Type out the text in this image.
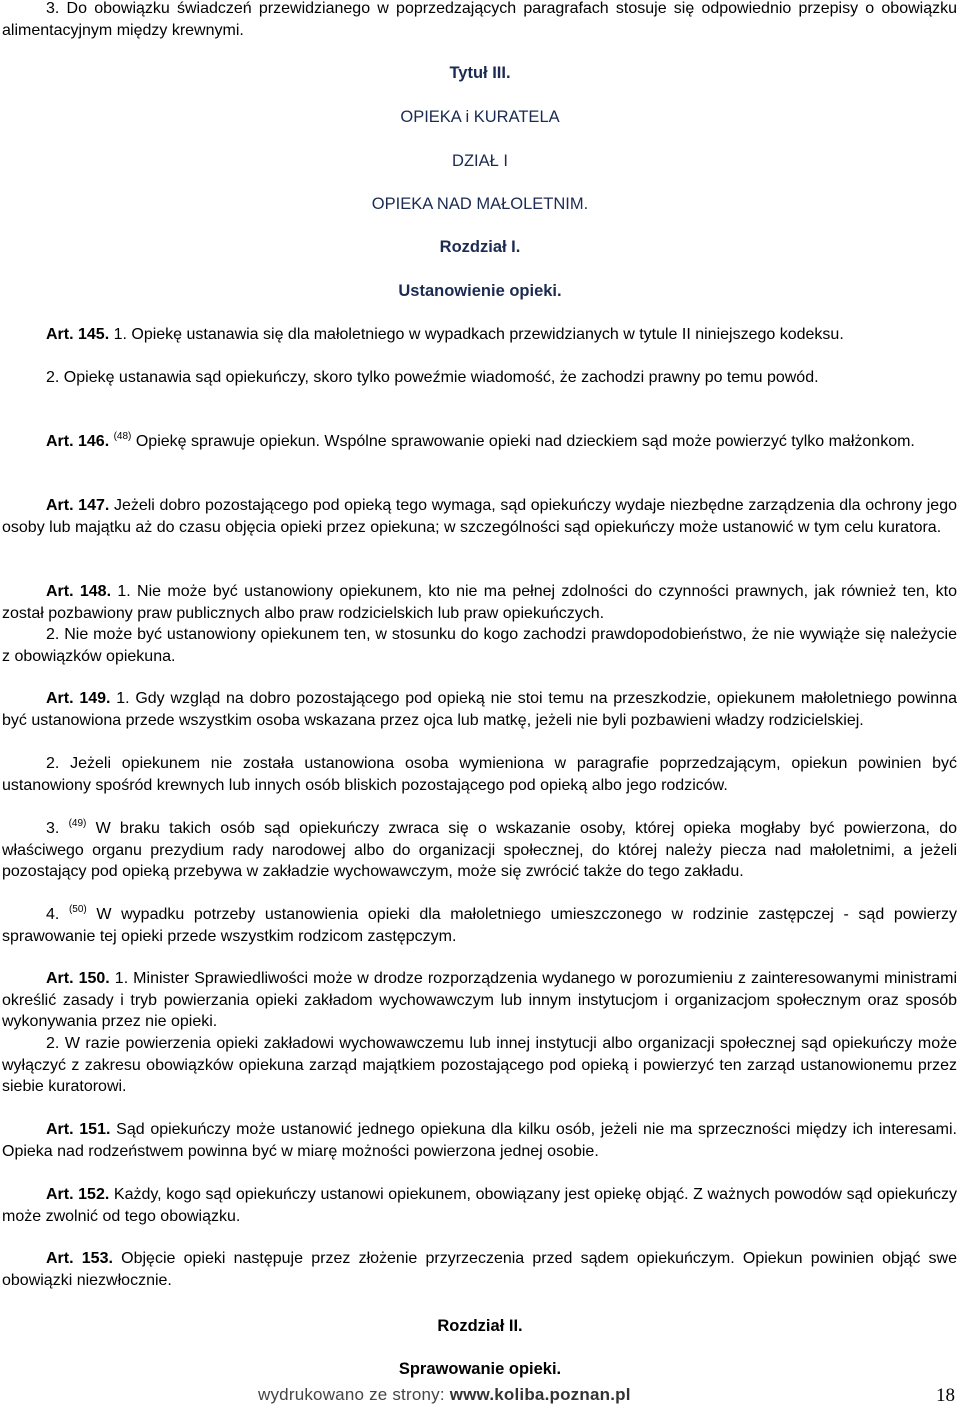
3. Do obowiązku świadczeń przewidzianego w poprzedzających paragrafach stosuje się odpowiednio przepisy o obowiązku alimentacyjnym między krewnymi.
Tytuł III.
OPIEKA i KURATELA
DZIAŁ I
OPIEKA NAD MAŁOLETNIM.
Rozdział I.
Ustanowienie opieki.
Art. 145. 1. Opiekę ustanawia się dla małoletniego w wypadkach przewidzianych w tytule II niniejszego kodeksu.
2. Opiekę ustanawia sąd opiekuńczy, skoro tylko poweźmie wiadomość, że zachodzi prawny po temu powód.
Art. 146. $^{(48)}$ Opiekę sprawuje opiekun. Wspólne sprawowanie opieki nad dzieckiem sąd może powierzyć tylko małżonkom.
Art. 147. Jeżeli dobro pozostającego pod opieką tego wymaga, sąd opiekuńczy wydaje niezbędne zarządzenia dla ochrony jego osoby lub majątku aż do czasu objęcia opieki przez opiekuna; w szczególności sąd opiekuńczy może ustanowić w tym celu kuratora.
Art. 148. 1. Nie może być ustanowiony opiekunem, kto nie ma pełnej zdolności do czynności prawnych, jak również ten, kto został pozbawiony praw publicznych albo praw rodzicielskich lub praw opiekuńczych.
2. Nie może być ustanowiony opiekunem ten, w stosunku do kogo zachodzi prawdopodobieństwo, że nie wywiąże się należycie z obowiązków opiekuna.
Art. 149. 1. Gdy wzgląd na dobro pozostającego pod opieką nie stoi temu na przeszkodzie, opiekunem małoletniego powinna być ustanowiona przede wszystkim osoba wskazana przez ojca lub matkę, jeżeli nie byli pozbawieni władzy rodzicielskiej.
2. Jeżeli opiekunem nie została ustanowiona osoba wymieniona w paragrafie poprzedzającym, opiekun powinien być ustanowiony spośród krewnych lub innych osób bliskich pozostającego pod opieką albo jego rodziców.
3. $^{(49)}$ W braku takich osób sąd opiekuńczy zwraca się o wskazanie osoby, której opieka mogłaby być powierzona, do właściwego organu prezydium rady narodowej albo do organizacji społecznej, do której należy piecza nad małoletnimi, a jeżeli pozostający pod opieką przebywa w zakładzie wychowawczym, może się zwrócić także do tego zakładu.
4. $^{(50)}$ W wypadku potrzeby ustanowienia opieki dla małoletniego umieszczonego w rodzinie zastępczej - sąd powierzy sprawowanie tej opieki przede wszystkim rodzicom zastępczym.
Art. 150. 1. Minister Sprawiedliwości może w drodze rozporządzenia wydanego w porozumieniu z zainteresowanymi ministrami określić zasady i tryb powierzania opieki zakładom wychowawczym lub innym instytucjom i organizacjom społecznym oraz sposób wykonywania przez nie opieki.
2. W razie powierzenia opieki zakładowi wychowawczemu lub innej instytucji albo organizacji społecznej sąd opiekuńczy może wyłączyć z zakresu obowiązków opiekuna zarząd majątkiem pozostającego pod opieką i powierzyć ten zarząd ustanowionemu przez siebie kuratorowi.
Art. 151. Sąd opiekuńczy może ustanowić jednego opiekuna dla kilku osób, jeżeli nie ma sprzeczności między ich interesami. Opieka nad rodzeństwem powinna być w miarę możności powierzona jednej osobie.
Art. 152. Każdy, kogo sąd opiekuńczy ustanowi opiekunem, obowiązany jest opiekę objąć. Z ważnych powodów sąd opiekuńczy może zwolnić od tego obowiązku.
Art. 153. Objęcie opieki następuje przez złożenie przyrzeczenia przed sądem opiekuńczym. Opiekun powinien objąć swe obowiązki niezwłocznie.
Rozdział II.
Sprawowanie opieki.
wydrukowano ze strony: www.koliba.poznan.pl	18
